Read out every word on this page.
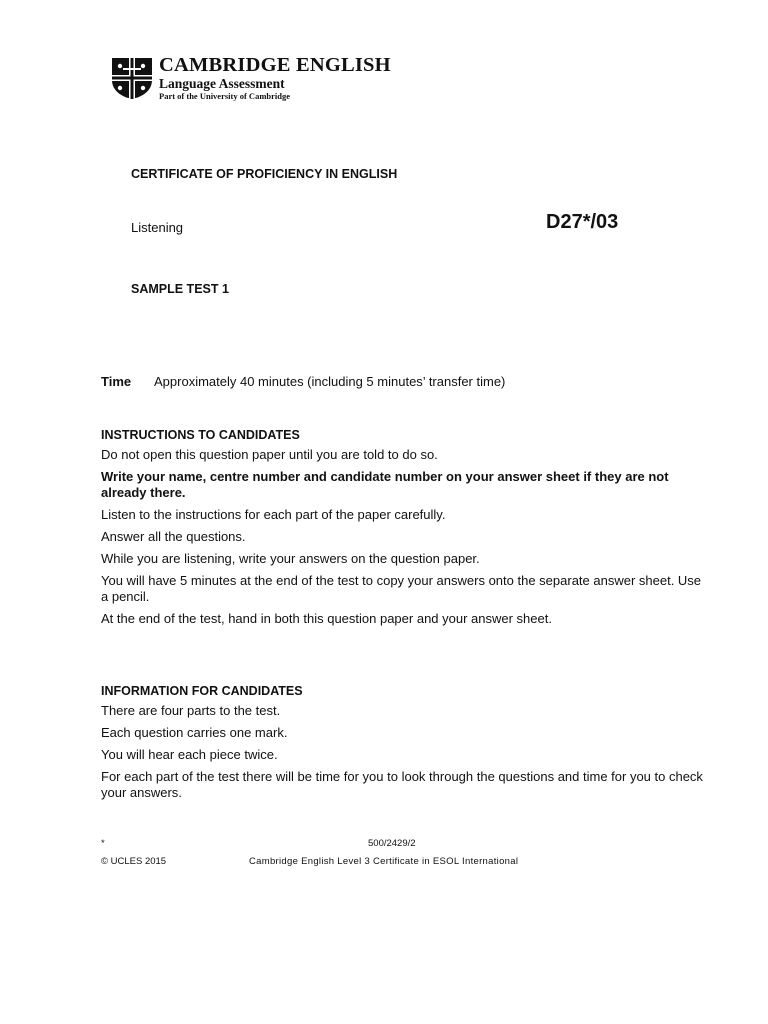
CAMBRIDGE ENGLISH
Language Assessment
Part of the University of Cambridge
CERTIFICATE OF PROFICIENCY IN ENGLISH
Listening	D27*/03
SAMPLE TEST 1
Time Approximately 40 minutes (including 5 minutes’ transfer time)
INSTRUCTIONS TO CANDIDATES

Do not open this question paper until you are told to do so.

Write your name, centre number and candidate number on your answer sheet if they are not already there.

Listen to the instructions for each part of the paper carefully.

Answer all the questions.

While you are listening, write your answers on the question paper.

You will have 5 minutes at the end of the test to copy your answers onto the separate answer sheet. Use a pencil.

At the end of the test, hand in both this question paper and your answer sheet.

INFORMATION FOR CANDIDATES

There are four parts to the test.

Each question carries one mark.

You will hear each piece twice.

For each part of the test there will be time for you to look through the questions and time for you to check your answers.

*	500/2429/2
© UCLES 2015	Cambridge English Level 3 Certificate in ESOL International
